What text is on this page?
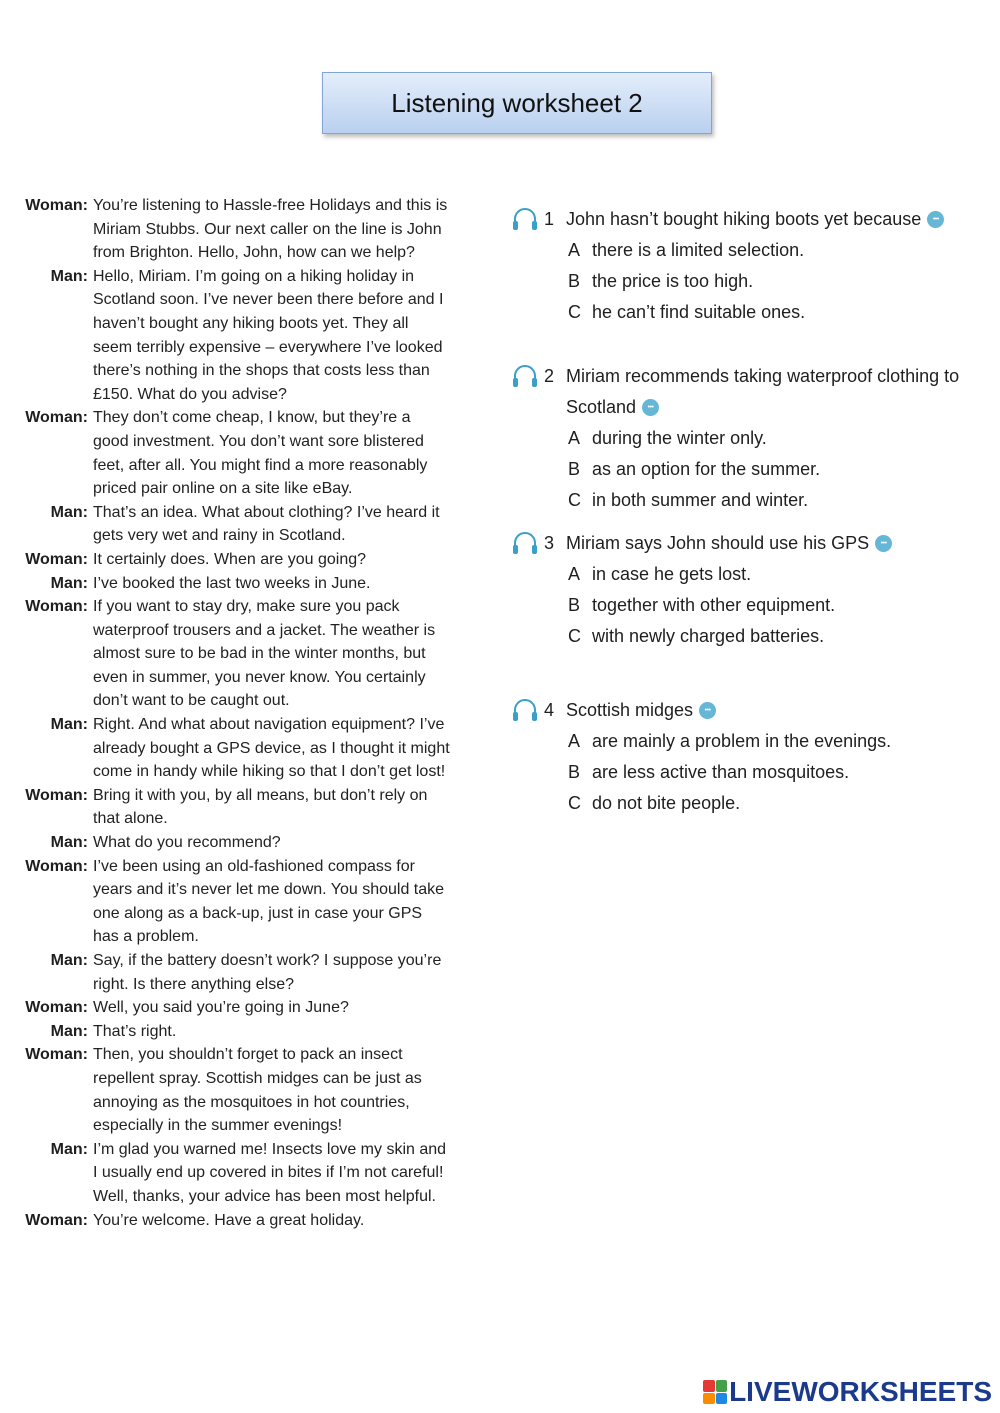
Listening worksheet 2
Woman: You’re listening to Hassle-free Holidays and this is Miriam Stubbs. Our next caller on the line is John from Brighton. Hello, John, how can we help?
Man: Hello, Miriam. I’m going on a hiking holiday in Scotland soon. I’ve never been there before and I haven’t bought any hiking boots yet. They all seem terribly expensive – everywhere I’ve looked there’s nothing in the shops that costs less than £150. What do you advise?
Woman: They don’t come cheap, I know, but they’re a good investment. You don’t want sore blistered feet, after all. You might find a more reasonably priced pair online on a site like eBay.
Man: That’s an idea. What about clothing? I’ve heard it gets very wet and rainy in Scotland.
Woman: It certainly does. When are you going?
Man: I’ve booked the last two weeks in June.
Woman: If you want to stay dry, make sure you pack waterproof trousers and a jacket. The weather is almost sure to be bad in the winter months, but even in summer, you never know. You certainly don’t want to be caught out.
Man: Right. And what about navigation equipment? I’ve already bought a GPS device, as I thought it might come in handy while hiking so that I don’t get lost!
Woman: Bring it with you, by all means, but don’t rely on that alone.
Man: What do you recommend?
Woman: I’ve been using an old-fashioned compass for years and it’s never let me down. You should take one along as a back-up, just in case your GPS has a problem.
Man: Say, if the battery doesn’t work? I suppose you’re right. Is there anything else?
Woman: Well, you said you’re going in June?
Man: That’s right.
Woman: Then, you shouldn’t forget to pack an insect repellent spray. Scottish midges can be just as annoying as the mosquitoes in hot countries, especially in the summer evenings!
Man: I’m glad you warned me! Insects love my skin and I usually end up covered in bites if I’m not careful! Well, thanks, your advice has been most helpful.
Woman: You’re welcome. Have a great holiday.
1 John hasn’t bought hiking boots yet because•••
A there is a limited selection.
B the price is too high.
C he can’t find suitable ones.
2 Miriam recommends taking waterproof clothing to Scotland•••
A during the winter only.
B as an option for the summer.
C in both summer and winter.
3 Miriam says John should use his GPS•••
A in case he gets lost.
B together with other equipment.
C with newly charged batteries.
4 Scottish midges•••
A are mainly a problem in the evenings.
B are less active than mosquitoes.
C do not bite people.
LIVEWORKSHEETS
